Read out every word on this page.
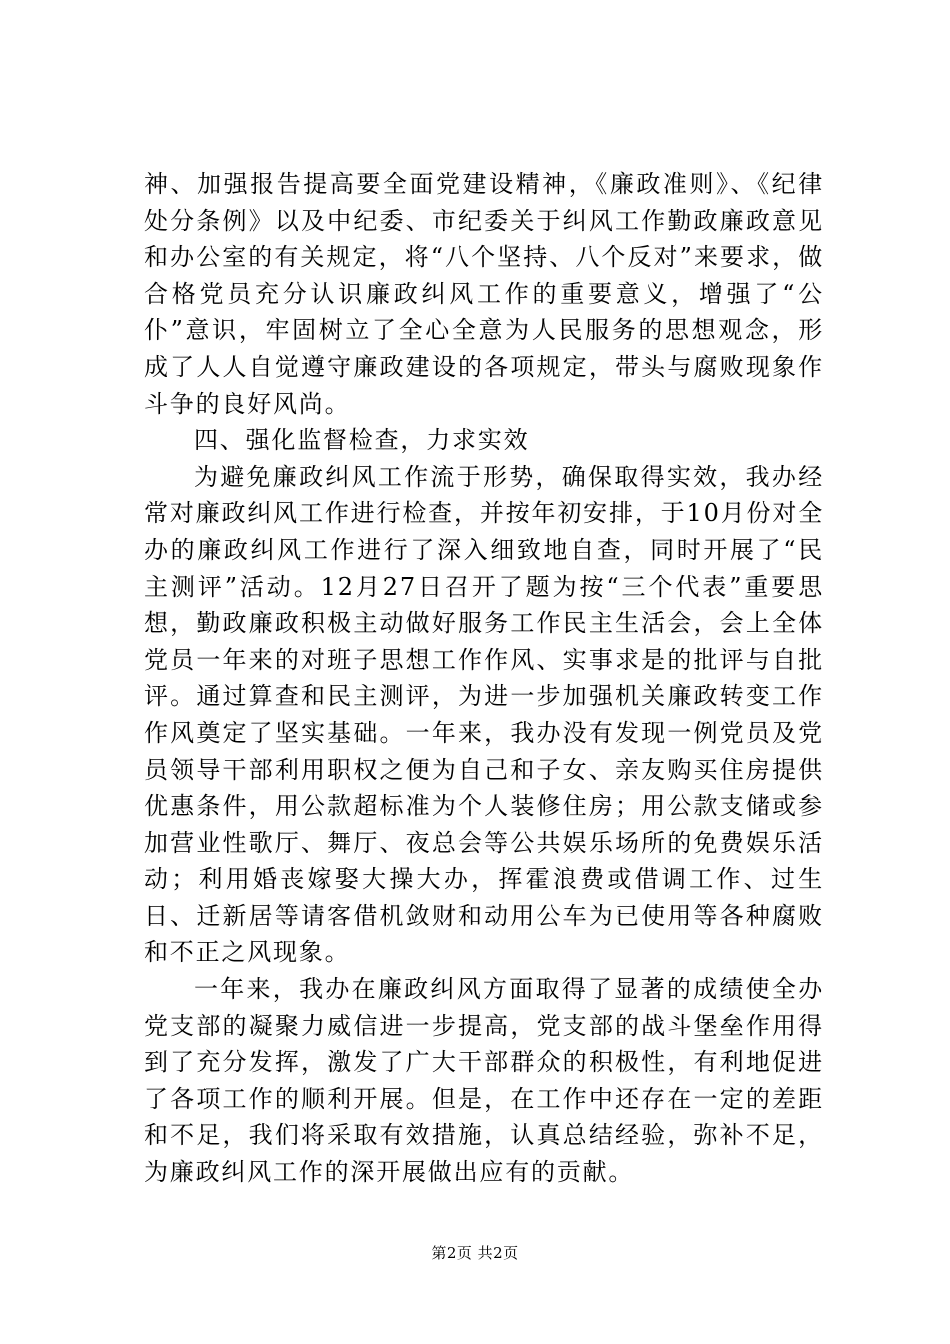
神、加强报告提高要全面党建设精神，《廉政准则》、《纪律处分条例》以及中纪委、市纪委关于纠风工作勤政廉政意见和办公室的有关规定，将“八个坚持、八个反对”来要求，做合格党员充分认识廉政纠风工作的重要意义，增强了“公仆”意识，牢固树立了全心全意为人民服务的思想观念，形成了人人自觉遵守廉政建设的各项规定，带头与腐败现象作斗争的良好风尚。

四、强化监督检查，力求实效

为避免廉政纠风工作流于形势，确保取得实效，我办经常对廉政纠风工作进行检查，并按年初安排，于10月份对全办的廉政纠风工作进行了深入细致地自查，同时开展了“民主测评”活动。12月27日召开了题为按“三个代表”重要思想，勤政廉政积极主动做好服务工作民主生活会，会上全体党员一年来的对班子思想工作作风、实事求是的批评与自批评。通过算查和民主测评，为进一步加强机关廉政转变工作作风奠定了坚实基础。一年来，我办没有发现一例党员及党员领导干部利用职权之便为自己和子女、亲友购买住房提供优惠条件，用公款超标准为个人装修住房；用公款支储或参加营业性歌厅、舞厅、夜总会等公共娱乐场所的免费娱乐活动；利用婚丧嫁娶大操大办，挥霍浪费或借调工作、过生日、迁新居等请客借机敛财和动用公车为已使用等各种腐败和不正之风现象。

一年来，我办在廉政纠风方面取得了显著的成绩使全办党支部的凝聚力威信进一步提高，党支部的战斗堡垒作用得到了充分发挥，激发了广大干部群众的积极性，有利地促进了各项工作的顺利开展。但是，在工作中还存在一定的差距和不足，我们将采取有效措施，认真总结经验，弥补不足，为廉政纠风工作的深开展做出应有的贡献。

第2页 共2页
